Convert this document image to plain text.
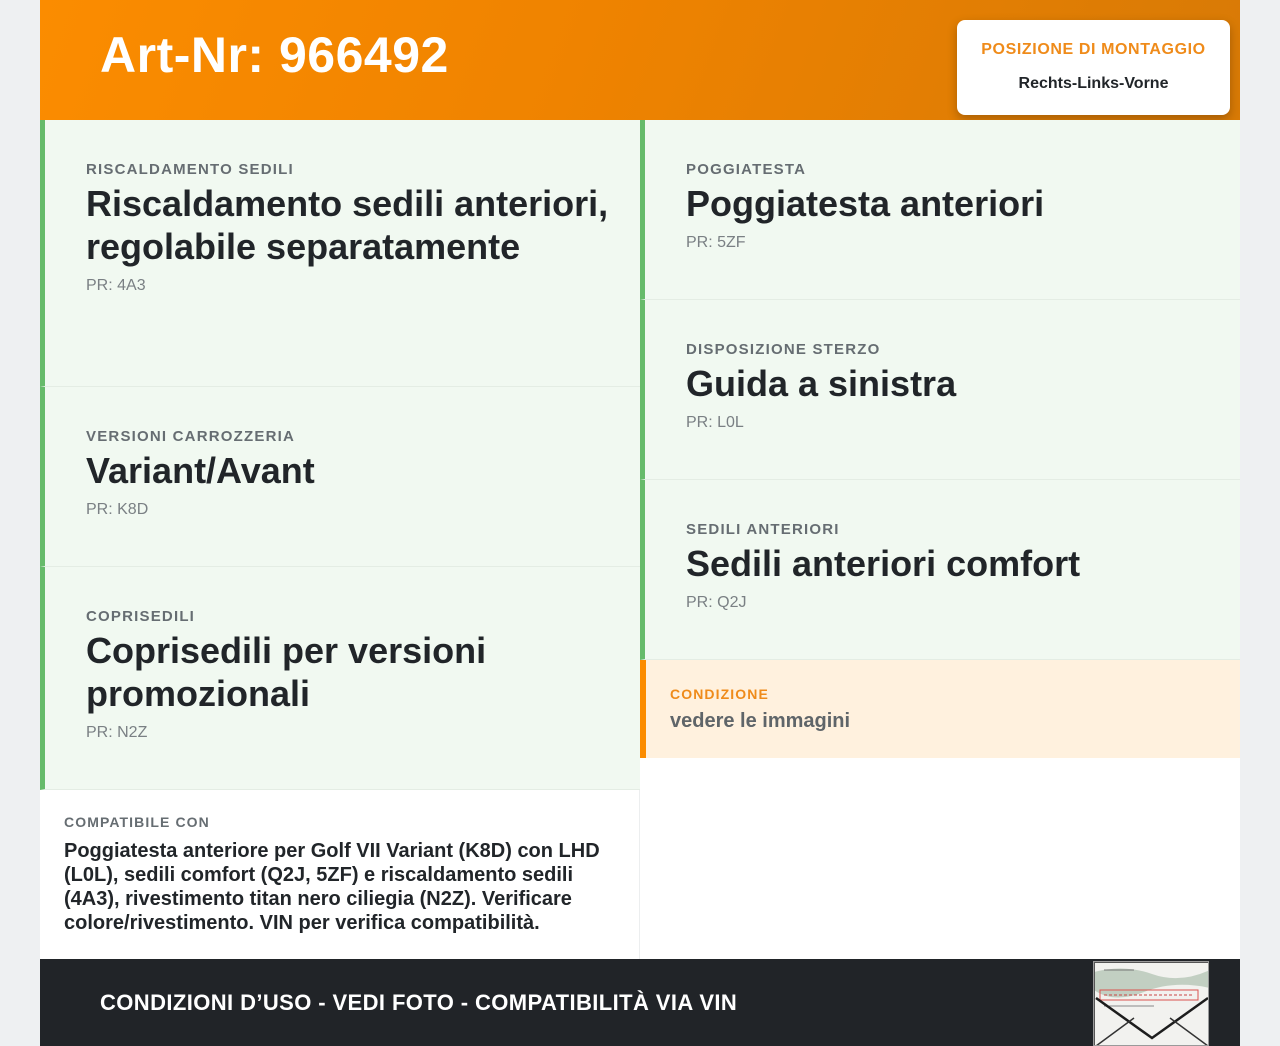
Art-Nr: 966492	POSIZIONE DI MONTAGGIO
Rechts-Links-Vorne
RISCALDAMENTO SEDILI
Riscaldamento sedili anteriori, regolabile separatamente
PR: 4A3
VERSIONI CARROZZERIA
Variant/Avant
PR: K8D
COPRISEDILI
Coprisedili per versioni promozionali
PR: N2Z
POGGIATESTA
Poggiatesta anteriori
PR: 5ZF
DISPOSIZIONE STERZO
Guida a sinistra
PR: L0L
SEDILI ANTERIORI
Sedili anteriori comfort
PR: Q2J
CONDIZIONE
vedere le immagini
COMPATIBILE CON
Poggiatesta anteriore per Golf VII Variant (K8D) con LHD (L0L), sedili comfort (Q2J, 5ZF) e riscaldamento sedili (4A3), rivestimento titan nero ciliegia (N2Z). Verificare colore/rivestimento. VIN per verifica compatibilità.
CONDIZIONI D’USO - VEDI FOTO - COMPATIBILITÀ VIA VIN
